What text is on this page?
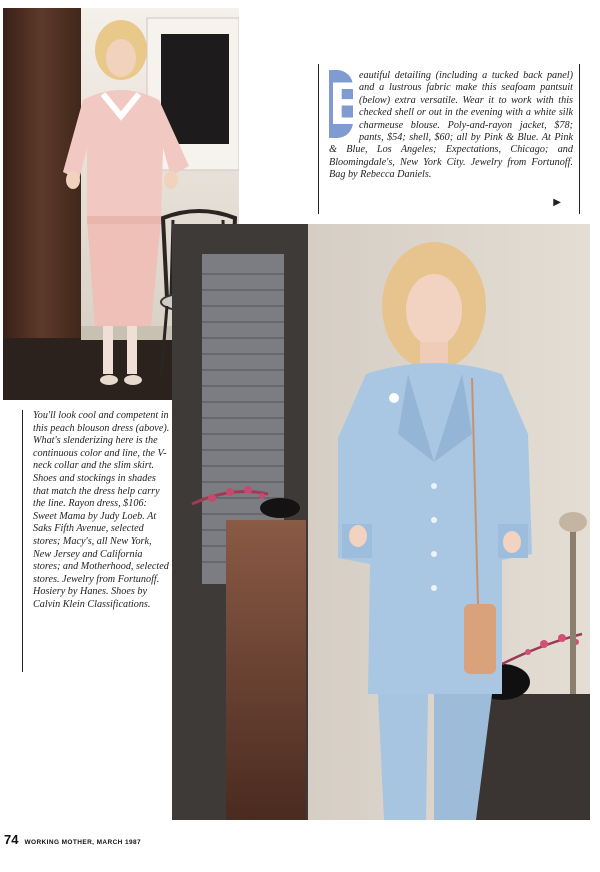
B

eautiful detailing (including a tucked back panel) and a lustrous fabric make this seafoam pantsuit (below) extra versatile. Wear it to work with this checked shell or out in the evening with a white silk charmeuse blouse. Poly-and-rayon jacket, $78; pants, $54; shell, $60; all by Pink & Blue. At Pink & Blue, Los Angeles; Expectations, Chicago; and Bloomingdale's, New York City. Jewelry from Fortunoff. Bag by Rebecca Daniels.

▶

You'll look cool and competent in this peach blouson dress (above). What's slenderizing here is the continuous color and line, the V-neck collar and the slim skirt. Shoes and stockings in shades that match the dress help carry the line. Rayon dress, $106: Sweet Mama by Judy Loeb. At Saks Fifth Avenue, selected stores; Macy's, all New York, New Jersey and California stores; and Motherhood, selected stores. Jewelry from Fortunoff. Hosiery by Hanes. Shoes by Calvin Klein Classifications.

74 WORKING MOTHER, MARCH 1987
